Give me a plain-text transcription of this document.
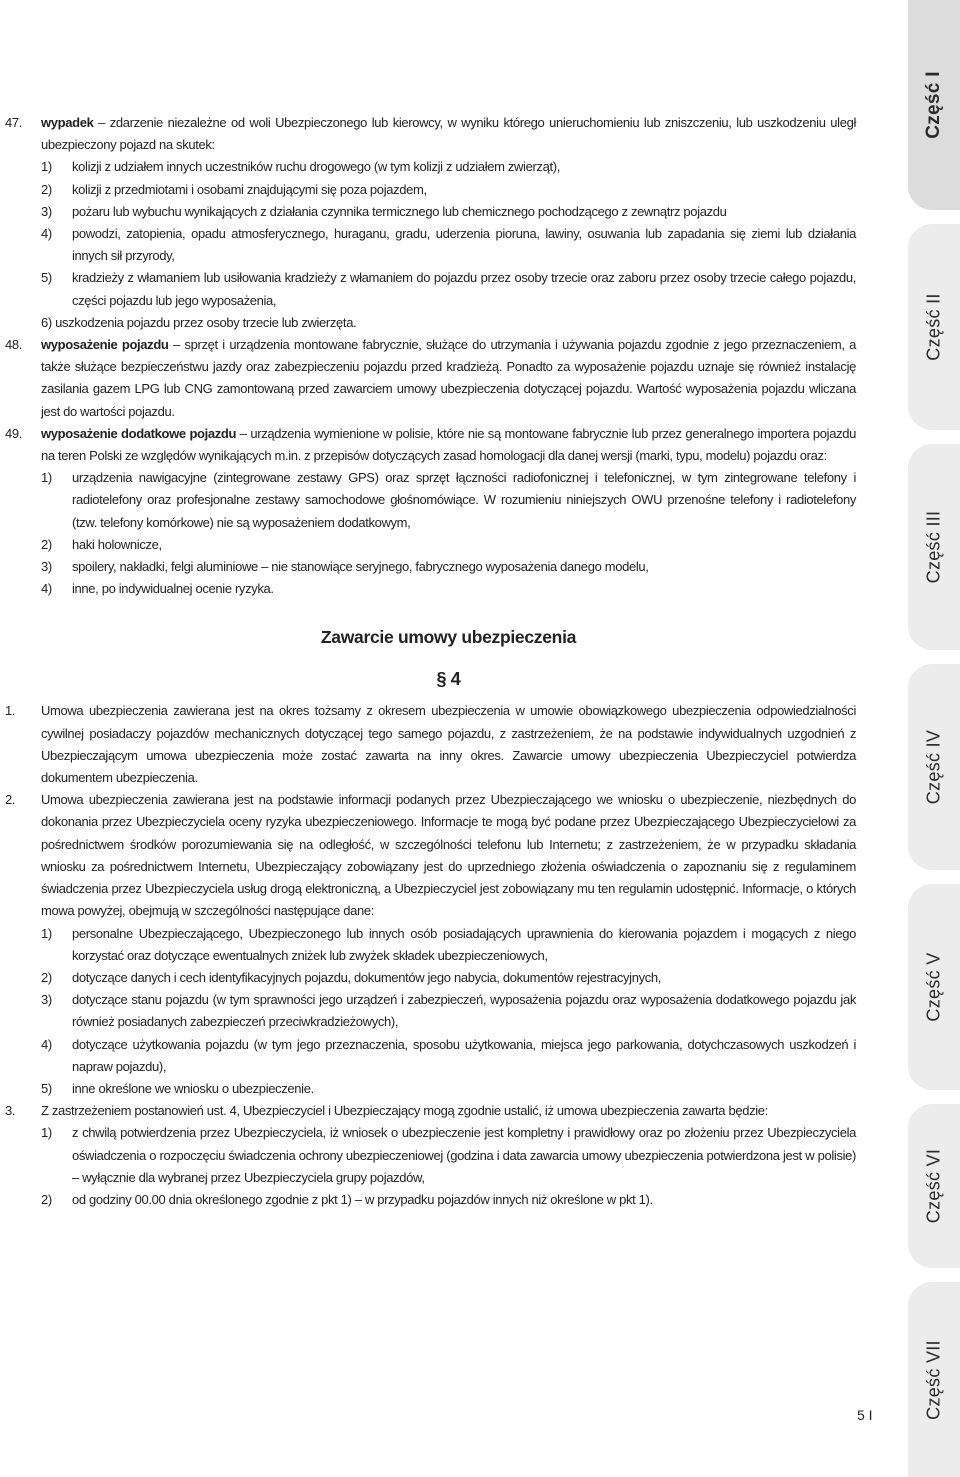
47. wypadek – zdarzenie niezależne od woli Ubezpieczonego lub kierowcy, w wyniku którego unieruchomieniu lub zniszczeniu, lub uszkodzeniu uległ ubezpieczony pojazd na skutek:
1) kolizji z udziałem innych uczestników ruchu drogowego (w tym kolizji z udziałem zwierząt),
2) kolizji z przedmiotami i osobami znajdującymi się poza pojazdem,
3) pożaru lub wybuchu wynikających z działania czynnika termicznego lub chemicznego pochodzącego z zewnątrz pojazdu
4) powodzi, zatopienia, opadu atmosferycznego, huraganu, gradu, uderzenia pioruna, lawiny, osuwania lub zapadania się ziemi lub działania innych sił przyrody,
5) kradzieży z włamaniem lub usiłowania kradzieży z włamaniem do pojazdu przez osoby trzecie oraz zaboru przez osoby trzecie całego pojazdu, części pojazdu lub jego wyposażenia,
6) uszkodzenia pojazdu przez osoby trzecie lub zwierzęta.
48. wyposażenie pojazdu – sprzęt i urządzenia montowane fabrycznie, służące do utrzymania i używania pojazdu zgodnie z jego przeznaczeniem, a także służące bezpieczeństwu jazdy oraz zabezpieczeniu pojazdu przed kradzieżą. Ponadto za wyposażenie pojazdu uznaje się również instalację zasilania gazem LPG lub CNG zamontowaną przed zawarciem umowy ubezpieczenia dotyczącej pojazdu. Wartość wyposażenia pojazdu wliczana jest do wartości pojazdu.
49. wyposażenie dodatkowe pojazdu – urządzenia wymienione w polisie, które nie są montowane fabrycznie lub przez generalnego importera pojazdu na teren Polski ze względów wynikających m.in. z przepisów dotyczących zasad homologacji dla danej wersji (marki, typu, modelu) pojazdu oraz:
1) urządzenia nawigacyjne (zintegrowane zestawy GPS) oraz sprzęt łączności radiofonicznej i telefonicznej, w tym zintegrowane telefony i radiotelefony oraz profesjonalne zestawy samochodowe głośnomówiące. W rozumieniu niniejszych OWU przenośne telefony i radiotelefony (tzw. telefony komórkowe) nie są wyposażeniem dodatkowym,
2) haki holownicze,
3) spoilery, nakładki, felgi aluminiowe – nie stanowiące seryjnego, fabrycznego wyposażenia danego modelu,
4) inne, po indywidualnej ocenie ryzyka.
Zawarcie umowy ubezpieczenia
§ 4
1. Umowa ubezpieczenia zawierana jest na okres tożsamy z okresem ubezpieczenia w umowie obowiązkowego ubezpieczenia odpowiedzialności cywilnej posiadaczy pojazdów mechanicznych dotyczącej tego samego pojazdu, z zastrzeżeniem, że na podstawie indywidualnych uzgodnień z Ubezpieczającym umowa ubezpieczenia może zostać zawarta na inny okres. Zawarcie umowy ubezpieczenia Ubezpieczyciel potwierdza dokumentem ubezpieczenia.
2. Umowa ubezpieczenia zawierana jest na podstawie informacji podanych przez Ubezpieczającego we wniosku o ubezpieczenie, niezbędnych do dokonania przez Ubezpieczyciela oceny ryzyka ubezpieczeniowego. Informacje te mogą być podane przez Ubezpieczającego Ubezpieczycielowi za pośrednictwem środków porozumiewania się na odległość, w szczególności telefonu lub Internetu; z zastrzeżeniem, że w przypadku składania wniosku za pośrednictwem Internetu, Ubezpieczający zobowiązany jest do uprzedniego złożenia oświadczenia o zapoznaniu się z regulaminem świadczenia przez Ubezpieczyciela usług drogą elektroniczną, a Ubezpieczyciel jest zobowiązany mu ten regulamin udostępnić. Informacje, o których mowa powyżej, obejmują w szczególności następujące dane:
1) personalne Ubezpieczającego, Ubezpieczonego lub innych osób posiadających uprawnienia do kierowania pojazdem i mogących z niego korzystać oraz dotyczące ewentualnych zniżek lub zwyżek składek ubezpieczeniowych,
2) dotyczące danych i cech identyfikacyjnych pojazdu, dokumentów jego nabycia, dokumentów rejestracyjnych,
3) dotyczące stanu pojazdu (w tym sprawności jego urządzeń i zabezpieczeń, wyposażenia pojazdu oraz wyposażenia dodatkowego pojazdu jak również posiadanych zabezpieczeń przeciwkradzieżowych),
4) dotyczące użytkowania pojazdu (w tym jego przeznaczenia, sposobu użytkowania, miejsca jego parkowania, dotychczasowych uszkodzeń i napraw pojazdu),
5) inne określone we wniosku o ubezpieczenie.
3. Z zastrzeżeniem postanowień ust. 4, Ubezpieczyciel i Ubezpieczający mogą zgodnie ustalić, iż umowa ubezpieczenia zawarta będzie:
1) z chwilą potwierdzenia przez Ubezpieczyciela, iż wniosek o ubezpieczenie jest kompletny i prawidłowy oraz po złożeniu przez Ubezpieczyciela oświadczenia o rozpoczęciu świadczenia ochrony ubezpieczeniowej (godzina i data zawarcia umowy ubezpieczenia potwierdzona jest w polisie) – wyłącznie dla wybranej przez Ubezpieczyciela grupy pojazdów,
2) od godziny 00.00 dnia określonego zgodnie z pkt 1) – w przypadku pojazdów innych niż określone w pkt 1).
Część I
Część II
Część III
Część IV
Część V
Część VI
Część VII
5 I
